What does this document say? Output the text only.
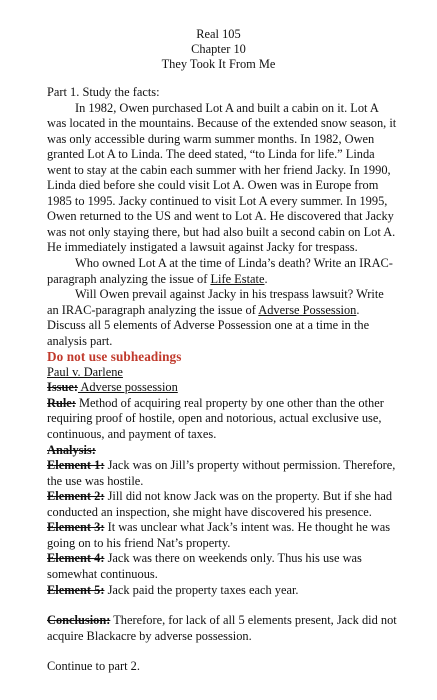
Real 105
Chapter 10
They Took It From Me

Part 1. Study the facts:

In 1982, Owen purchased Lot A and built a cabin on it. Lot A was located in the mountains. Because of the extended snow season, it was only accessible during warm summer months. In 1982, Owen granted Lot A to Linda. The deed stated, “to Linda for life.” Linda went to stay at the cabin each summer with her friend Jacky. In 1990, Linda died before she could visit Lot A. Owen was in Europe from 1985 to 1995. Jacky continued to visit Lot A every summer. In 1995, Owen returned to the US and went to Lot A. He discovered that Jacky was not only staying there, but had also built a second cabin on Lot A. He immediately instigated a lawsuit against Jacky for trespass.

Who owned Lot A at the time of Linda’s death? Write an IRAC-paragraph analyzing the issue of Life Estate.

Will Owen prevail against Jacky in his trespass lawsuit? Write an IRAC-paragraph analyzing the issue of Adverse Possession. Discuss all 5 elements of Adverse Possession one at a time in the analysis part.

Do not use subheadings

Paul v. Darlene

Issue: Adverse possession

Rule: Method of acquiring real property by one other than the other requiring proof of hostile, open and notorious, actual exclusive use, continuous, and payment of taxes.

Analysis:

Element 1: Jack was on Jill’s property without permission. Therefore, the use was hostile.

Element 2: Jill did not know Jack was on the property. But if she had conducted an inspection, she might have discovered his presence.

Element 3: It was unclear what Jack’s intent was. He thought he was going on to his friend Nat’s property.

Element 4: Jack was there on weekends only. Thus his use was somewhat continuous.

Element 5: Jack paid the property taxes each year.

Conclusion: Therefore, for lack of all 5 elements present, Jack did not acquire Blackacre by adverse possession.

Continue to part 2.
